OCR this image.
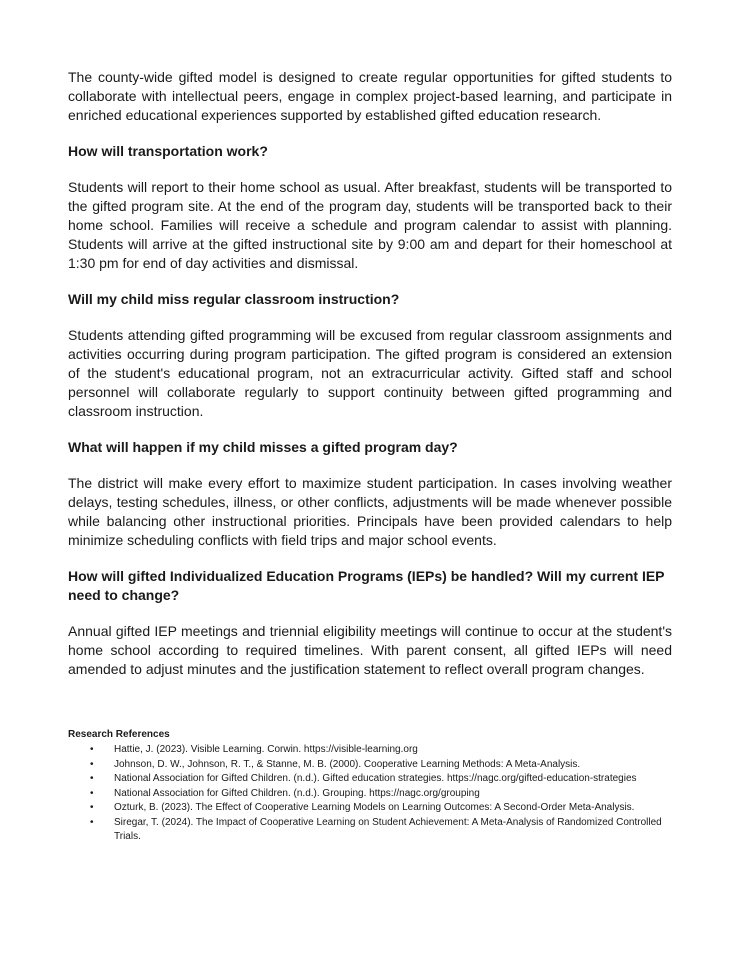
The county-wide gifted model is designed to create regular opportunities for gifted students to collaborate with intellectual peers, engage in complex project-based learning, and participate in enriched educational experiences supported by established gifted education research.

How will transportation work?

Students will report to their home school as usual. After breakfast, students will be transported to the gifted program site. At the end of the program day, students will be transported back to their home school. Families will receive a schedule and program calendar to assist with planning. Students will arrive at the gifted instructional site by 9:00 am and depart for their homeschool at 1:30 pm for end of day activities and dismissal.

Will my child miss regular classroom instruction?

Students attending gifted programming will be excused from regular classroom assignments and activities occurring during program participation. The gifted program is considered an extension of the student's educational program, not an extracurricular activity. Gifted staff and school personnel will collaborate regularly to support continuity between gifted programming and classroom instruction.

What will happen if my child misses a gifted program day?

The district will make every effort to maximize student participation. In cases involving weather delays, testing schedules, illness, or other conflicts, adjustments will be made whenever possible while balancing other instructional priorities. Principals have been provided calendars to help minimize scheduling conflicts with field trips and major school events.

How will gifted Individualized Education Programs (IEPs) be handled? Will my current IEP need to change?

Annual gifted IEP meetings and triennial eligibility meetings will continue to occur at the student's home school according to required timelines. With parent consent, all gifted IEPs will need amended to adjust minutes and the justification statement to reflect overall program changes.

Research References

• Hattie, J. (2023). Visible Learning. Corwin. https://visible-learning.org
• Johnson, D. W., Johnson, R. T., & Stanne, M. B. (2000). Cooperative Learning Methods: A Meta-Analysis.
• National Association for Gifted Children. (n.d.). Gifted education strategies. https://nagc.org/gifted-education-strategies
• National Association for Gifted Children. (n.d.). Grouping. https://nagc.org/grouping
• Ozturk, B. (2023). The Effect of Cooperative Learning Models on Learning Outcomes: A Second-Order Meta-Analysis.
• Siregar, T. (2024). The Impact of Cooperative Learning on Student Achievement: A Meta-Analysis of Randomized Controlled Trials.
